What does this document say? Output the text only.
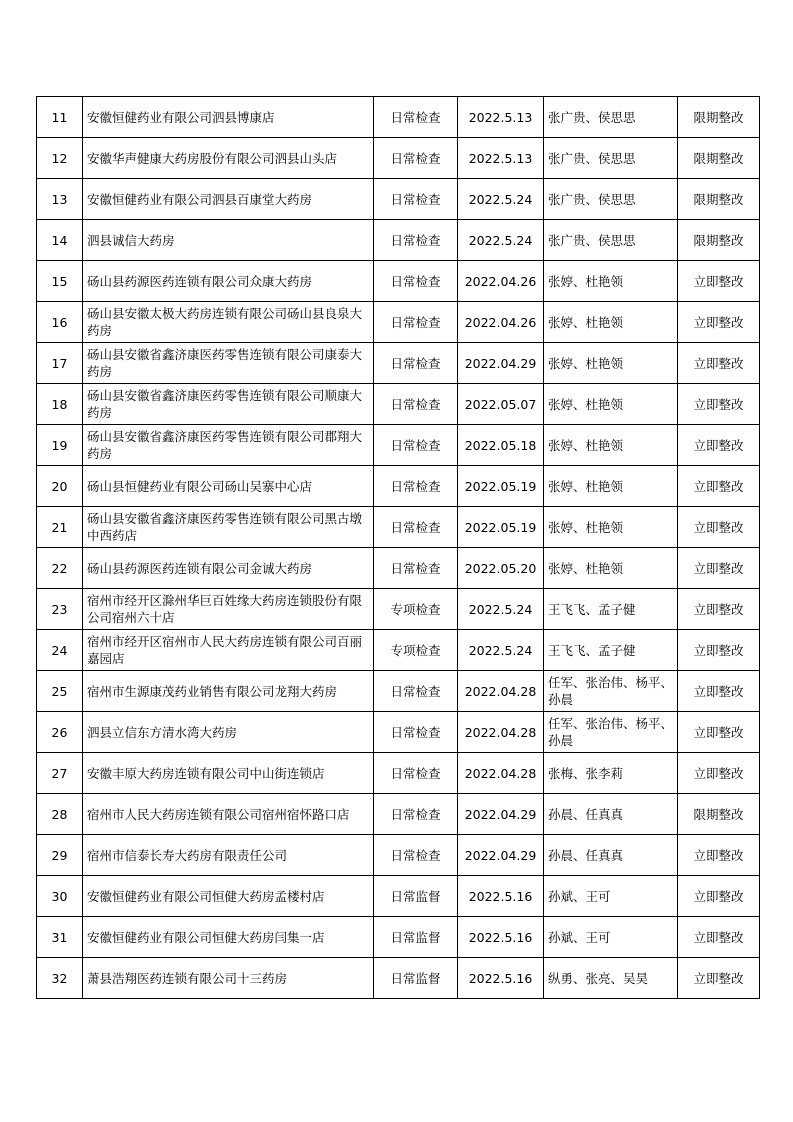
11	安徽恒健药业有限公司泗县博康店	日常检查	2022.5.13	张广贵、侯思思	限期整改
12	安徽华声健康大药房股份有限公司泗县山头店	日常检查	2022.5.13	张广贵、侯思思	限期整改
13	安徽恒健药业有限公司泗县百康堂大药房	日常检查	2022.5.24	张广贵、侯思思	限期整改
14	泗县诚信大药房	日常检查	2022.5.24	张广贵、侯思思	限期整改
15	砀山县药源医药连锁有限公司众康大药房	日常检查	2022.04.26	张婷、杜艳领	立即整改
16	砀山县安徽太极大药房连锁有限公司砀山县良泉大药房	日常检查	2022.04.26	张婷、杜艳领	立即整改
17	砀山县安徽省鑫济康医药零售连锁有限公司康泰大药房	日常检查	2022.04.29	张婷、杜艳领	立即整改
18	砀山县安徽省鑫济康医药零售连锁有限公司顺康大药房	日常检查	2022.05.07	张婷、杜艳领	立即整改
19	砀山县安徽省鑫济康医药零售连锁有限公司郡翔大药房	日常检查	2022.05.18	张婷、杜艳领	立即整改
20	砀山县恒健药业有限公司砀山吴寨中心店	日常检查	2022.05.19	张婷、杜艳领	立即整改
21	砀山县安徽省鑫济康医药零售连锁有限公司黑古墩中西药店	日常检查	2022.05.19	张婷、杜艳领	立即整改
22	砀山县药源医药连锁有限公司金诚大药房	日常检查	2022.05.20	张婷、杜艳领	立即整改
23	宿州市经开区滁州华巨百姓缘大药房连锁股份有限公司宿州六十店	专项检查	2022.5.24	王飞飞、孟子健	立即整改
24	宿州市经开区宿州市人民大药房连锁有限公司百丽嘉园店	专项检查	2022.5.24	王飞飞、孟子健	立即整改
25	宿州市生源康茂药业销售有限公司龙翔大药房	日常检查	2022.04.28	任军、张治伟、杨平、孙晨	立即整改
26	泗县立信东方清水湾大药房	日常检查	2022.04.28	任军、张治伟、杨平、孙晨	立即整改
27	安徽丰原大药房连锁有限公司中山街连锁店	日常检查	2022.04.28	张梅、张李莉	立即整改
28	宿州市人民大药房连锁有限公司宿州宿怀路口店	日常检查	2022.04.29	孙晨、任真真	限期整改
29	宿州市信泰长寿大药房有限责任公司	日常检查	2022.04.29	孙晨、任真真	立即整改
30	安徽恒健药业有限公司恒健大药房孟楼村店	日常监督	2022.5.16	孙斌、王可	立即整改
31	安徽恒健药业有限公司恒健大药房闫集一店	日常监督	2022.5.16	孙斌、王可	立即整改
32	萧县浩翔医药连锁有限公司十三药房	日常监督	2022.5.16	纵勇、张亮、吴昊	立即整改
